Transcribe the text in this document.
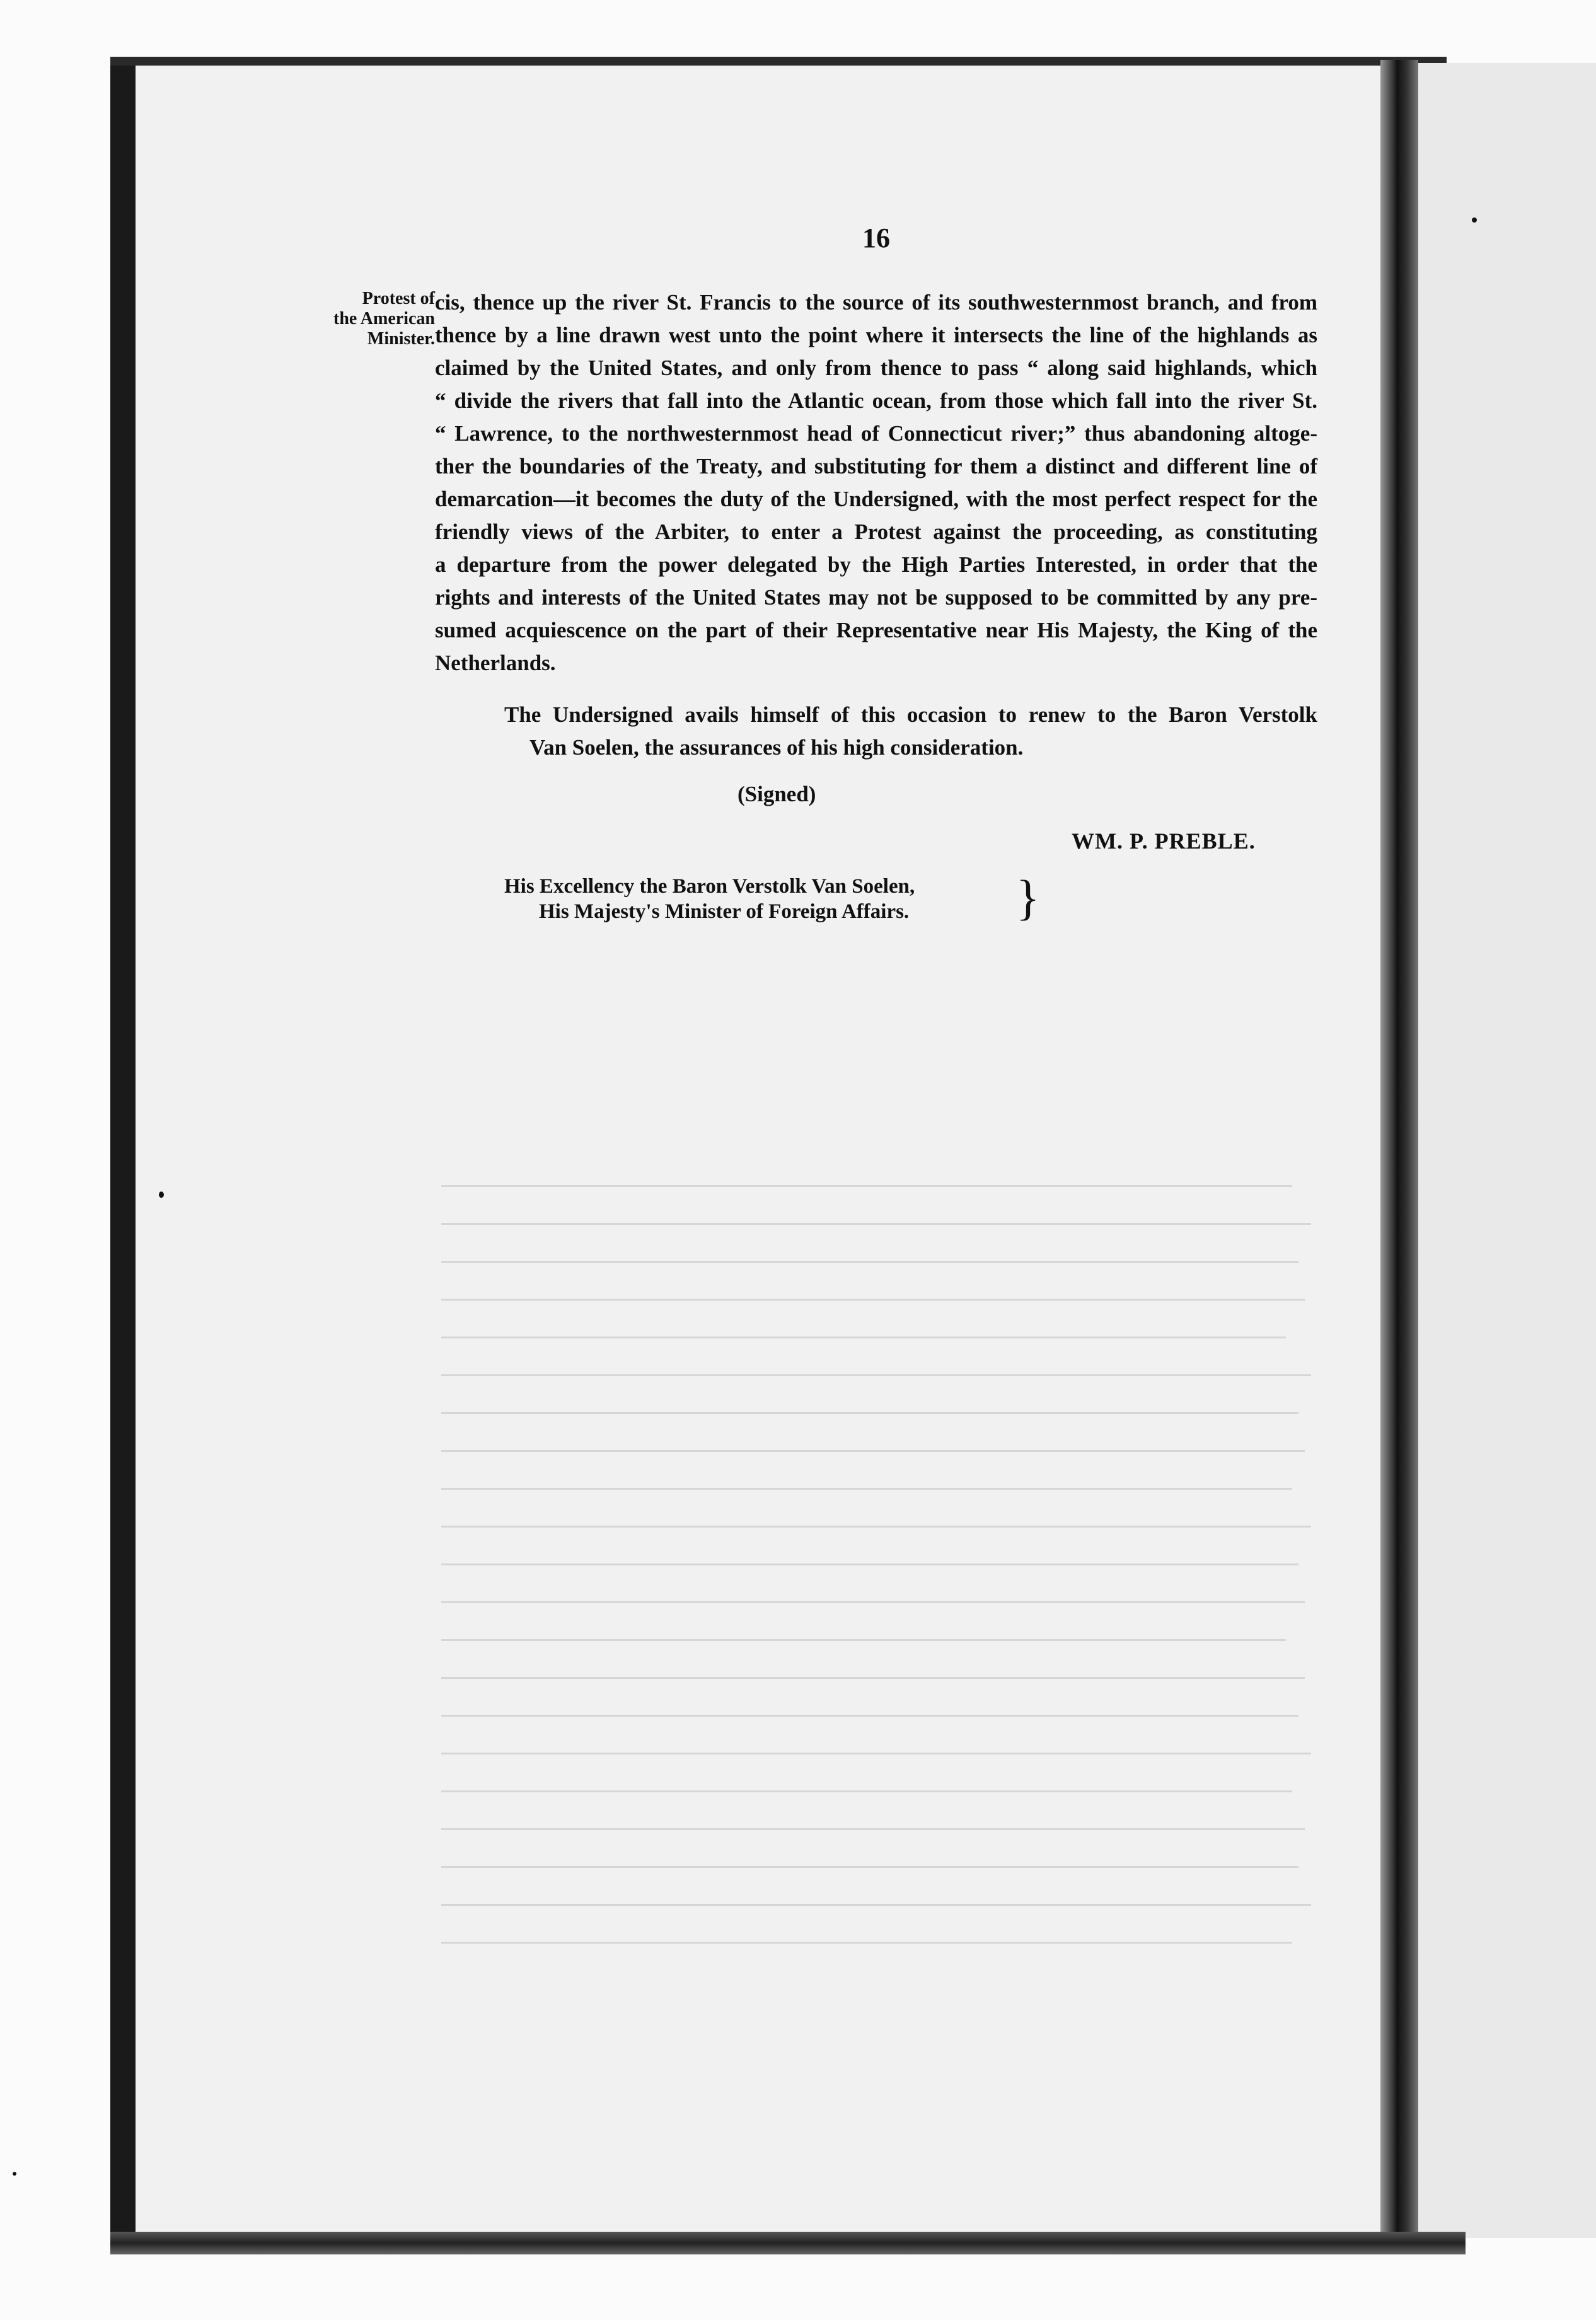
16
Protest of
the American
Minister.
cis, thence up the river St. Francis to the source of its southwesternmost branch, and from
thence by a line drawn west unto the point where it intersects the line of the highlands as
claimed by the United States, and only from thence to pass “ along said highlands, which
“ divide the rivers that fall into the Atlantic ocean, from those which fall into the river St.
“ Lawrence, to the northwesternmost head of Connecticut river;” thus abandoning altoge-
ther the boundaries of the Treaty, and substituting for them a distinct and different line of
demarcation—it becomes the duty of the Undersigned, with the most perfect respect for the
friendly views of the Arbiter, to enter a Protest against the proceeding, as constituting
a departure from the power delegated by the High Parties Interested, in order that the
rights and interests of the United States may not be supposed to be committed by any pre-
sumed acquiescence on the part of their Representative near His Majesty, the King of the
Netherlands.
The Undersigned avails himself of this occasion to renew to the Baron Verstolk
Van Soelen, the assurances of his high consideration.
(Signed)
WM. P. PREBLE.
His Excellency the Baron Verstolk Van Soelen,
His Majesty's Minister of Foreign Affairs. }
